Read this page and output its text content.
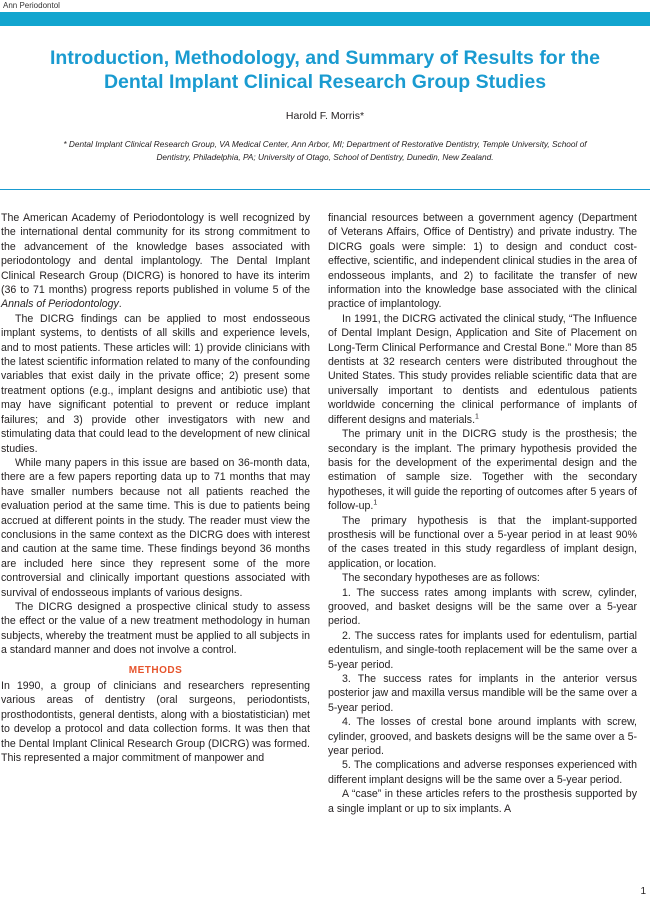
Ann Periodontol
Introduction, Methodology, and Summary of Results for the
Dental Implant Clinical Research Group Studies
Harold F. Morris*
* Dental Implant Clinical Research Group, VA Medical Center, Ann Arbor, MI; Department of Restorative Dentistry, Temple University, School of
Dentistry, Philadelphia, PA; University of Otago, School of Dentistry, Dunedin, New Zealand.

The American Academy of Periodontology is well recognized by the international dental community for its strong commitment to the advancement of the knowledge bases associated with periodontology and dental implantology. The Dental Implant Clinical Research Group (DICRG) is honored to have its interim (36 to 71 months) progress reports published in volume 5 of the Annals of Periodontology.

The DICRG findings can be applied to most endosseous implant systems, to dentists of all skills and experience levels, and to most patients. These articles will: 1) provide clinicians with the latest scientific information related to many of the confounding variables that exist daily in the private office; 2) present some treatment options (e.g., implant designs and antibiotic use) that may have significant potential to prevent or reduce implant failures; and 3) provide other investigators with new and stimulating data that could lead to the development of new clinical studies.

While many papers in this issue are based on 36-month data, there are a few papers reporting data up to 71 months that may have smaller numbers because not all patients reached the evaluation period at the same time. This is due to patients being accrued at different points in the study. The reader must view the conclusions in the same context as the DICRG does with interest and caution at the same time. These findings beyond 36 months are included here since they represent some of the more controversial and clinically important questions associated with survival of endosseous implants of various designs.

The DICRG designed a prospective clinical study to assess the effect or the value of a new treatment methodology in human subjects, whereby the treatment must be applied to all subjects in a standard manner and does not involve a control.

METHODS

In 1990, a group of clinicians and researchers representing various areas of dentistry (oral surgeons, periodontists, prosthodontists, general dentists, along with a biostatistician) met to develop a protocol and data collection forms. It was then that the Dental Implant Clinical Research Group (DICRG) was formed. This represented a major commitment of manpower and

financial resources between a government agency (Department of Veterans Affairs, Office of Dentistry) and private industry. The DICRG goals were simple: 1) to design and conduct cost-effective, scientific, and independent clinical studies in the area of endosseous implants, and 2) to facilitate the transfer of new information into the knowledge base associated with the clinical practice of implantology.

In 1991, the DICRG activated the clinical study, “The Influence of Dental Implant Design, Application and Site of Placement on Long-Term Clinical Performance and Crestal Bone.” More than 85 dentists at 32 research centers were distributed throughout the United States. This study provides reliable scientific data that are universally important to dentists and edentulous patients worldwide concerning the clinical performance of implants of different designs and materials.$^1$

The primary unit in the DICRG study is the prosthesis; the secondary is the implant. The primary hypothesis provided the basis for the development of the experimental design and the estimation of sample size. Together with the secondary hypotheses, it will guide the reporting of outcomes after 5 years of follow-up.$^1$

The primary hypothesis is that the implant-supported prosthesis will be functional over a 5-year period in at least 90% of the cases treated in this study regardless of implant design, application, or location.

The secondary hypotheses are as follows:

1. The success rates among implants with screw, cylinder, grooved, and basket designs will be the same over a 5-year period.

2. The success rates for implants used for edentulism, partial edentulism, and single-tooth replacement will be the same over a 5-year period.

3. The success rates for implants in the anterior versus posterior jaw and maxilla versus mandible will be the same over a 5-year period.

4. The losses of crestal bone around implants with screw, cylinder, grooved, and baskets designs will be the same over a 5-year period.

5. The complications and adverse responses experienced with different implant designs will be the same over a 5-year period.

A “case” in these articles refers to the prosthesis supported by a single implant or up to six implants. A

1
